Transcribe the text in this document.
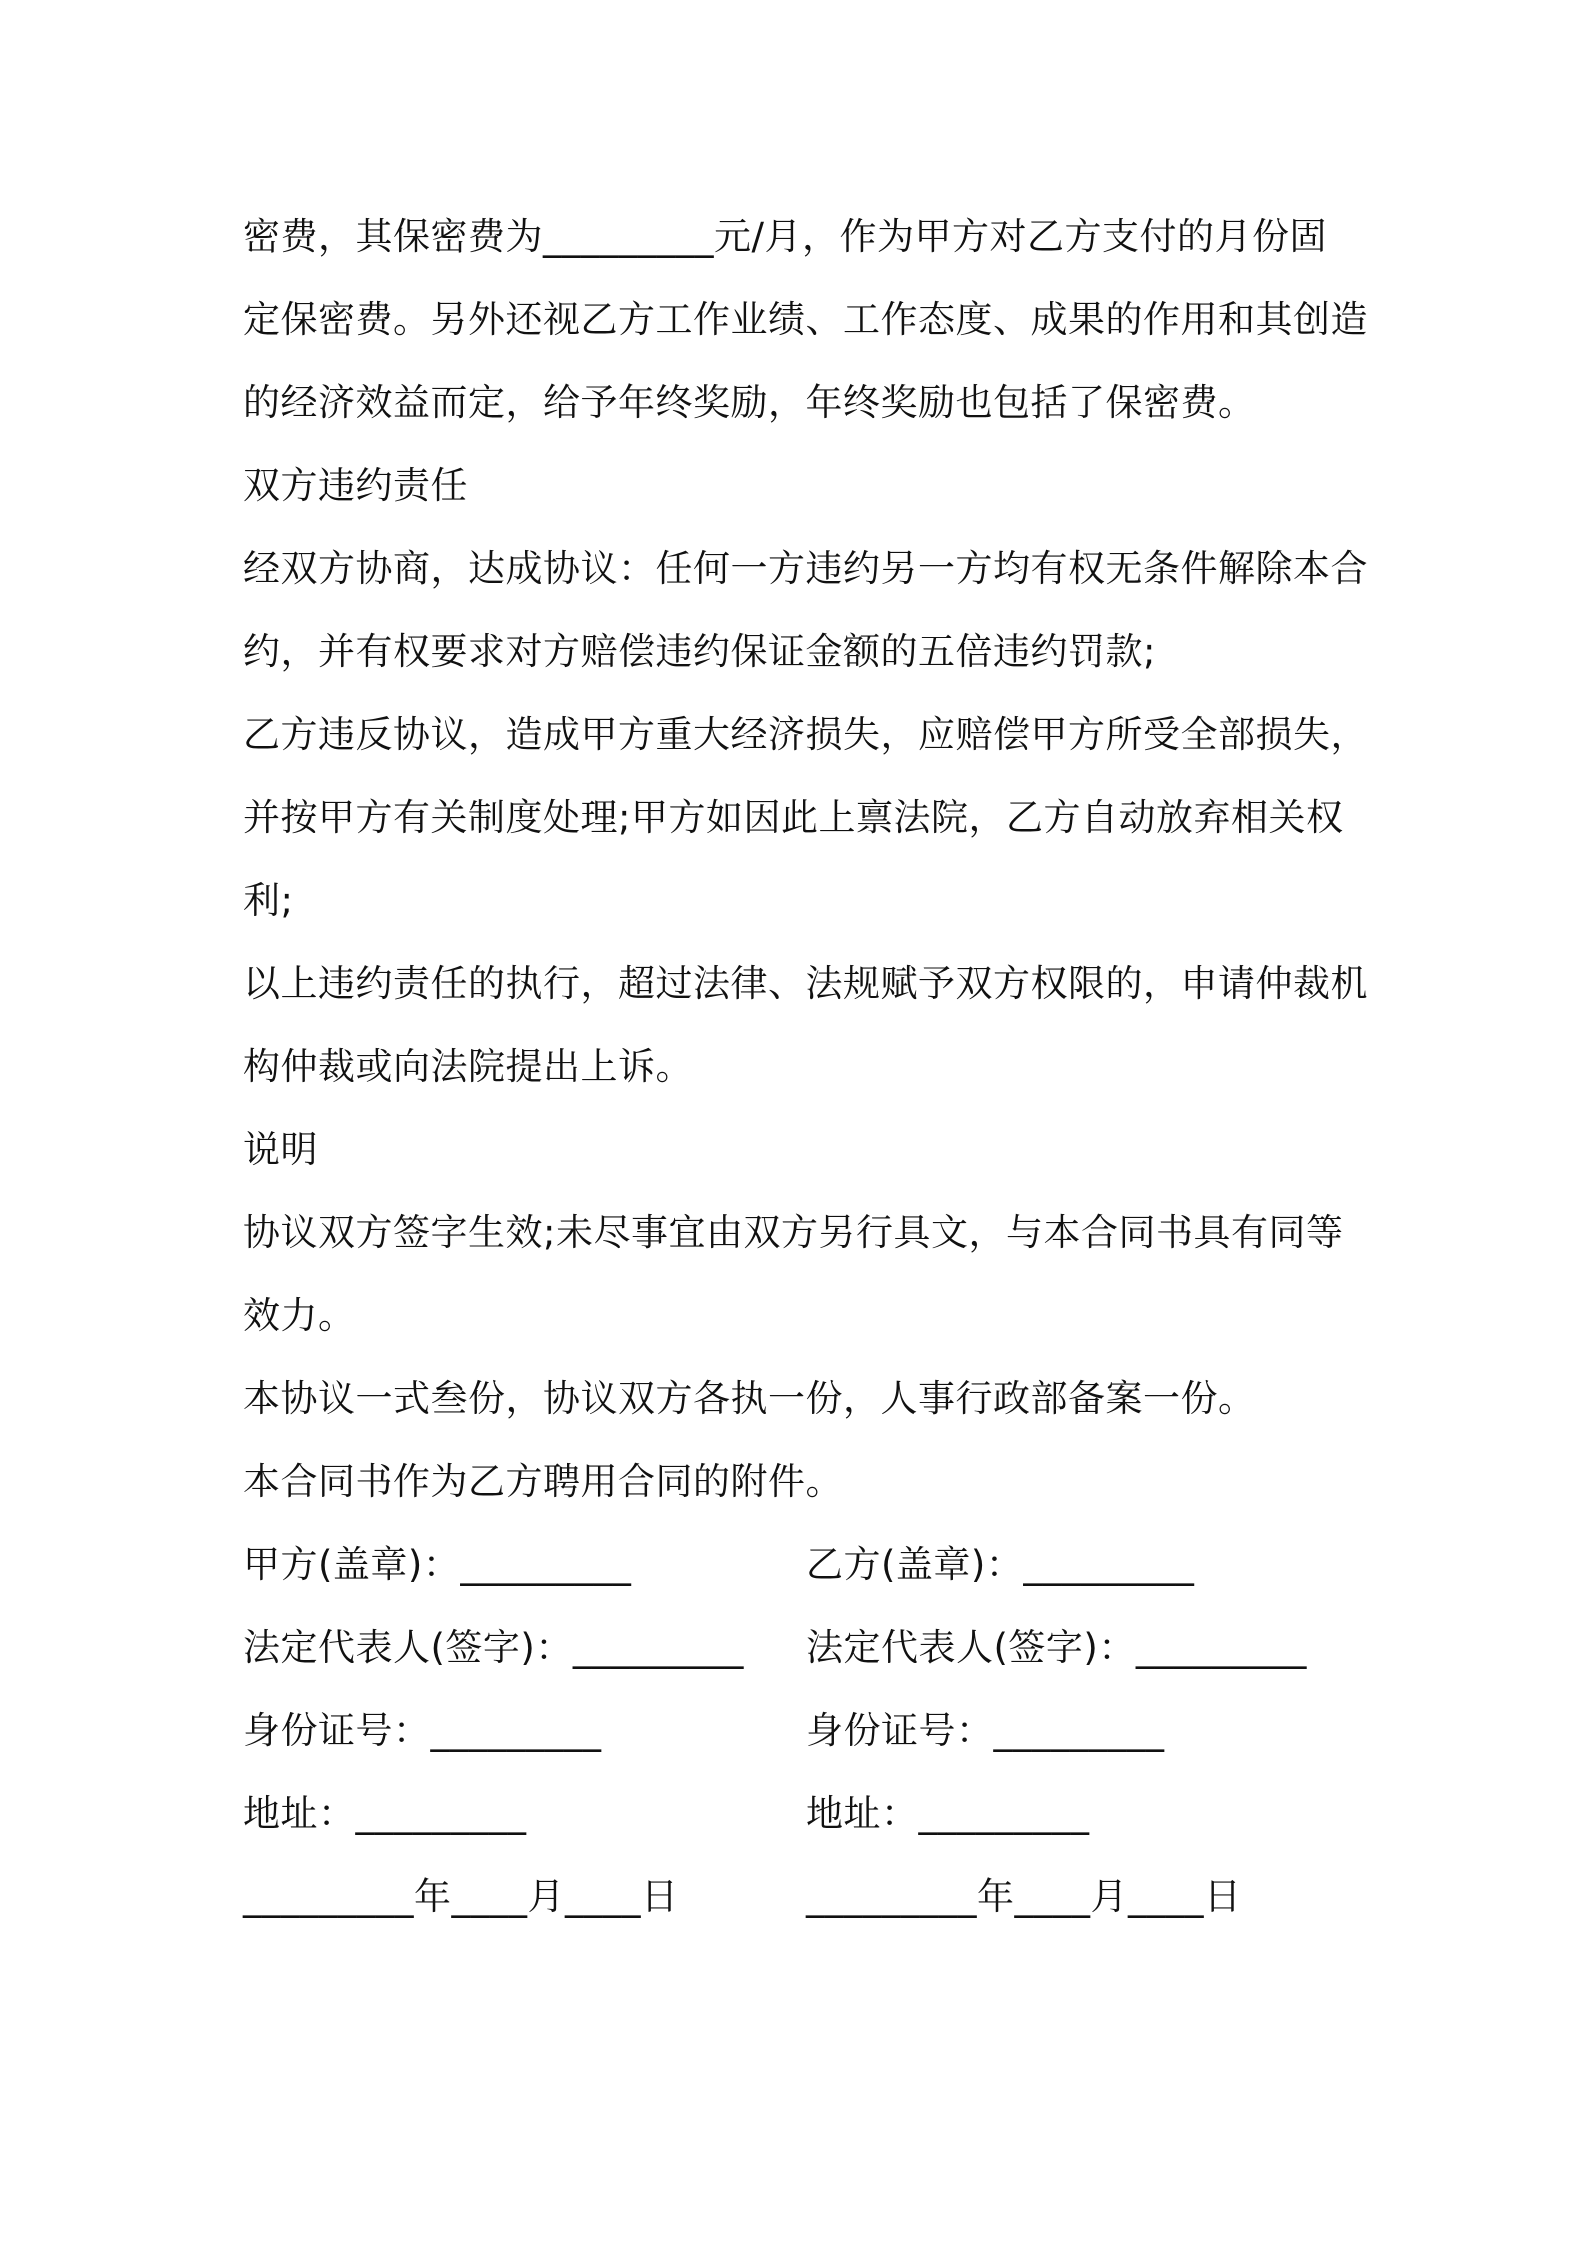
密费，其保密费为_________元/月，作为甲方对乙方支付的月份固
定保密费。另外还视乙方工作业绩、工作态度、成果的作用和其创造
的经济效益而定，给予年终奖励，年终奖励也包括了保密费。
双方违约责任
经双方协商，达成协议：任何一方违约另一方均有权无条件解除本合
约，并有权要求对方赔偿违约保证金额的五倍违约罚款;
乙方违反协议，造成甲方重大经济损失，应赔偿甲方所受全部损失，
并按甲方有关制度处理;甲方如因此上禀法院，乙方自动放弃相关权
利;
以上违约责任的执行，超过法律、法规赋予双方权限的，申请仲裁机
构仲裁或向法院提出上诉。
说明
协议双方签字生效;未尽事宜由双方另行具文，与本合同书具有同等
效力。
本协议一式叁份，协议双方各执一份，人事行政部备案一份。
本合同书作为乙方聘用合同的附件。
甲方(盖章)：_________	乙方(盖章)：_________
法定代表人(签字)：_________	法定代表人(签字)：_________
身份证号：_________	身份证号：_________
地址：_________	地址：_________
_________年____月____日	_________年____月____日
